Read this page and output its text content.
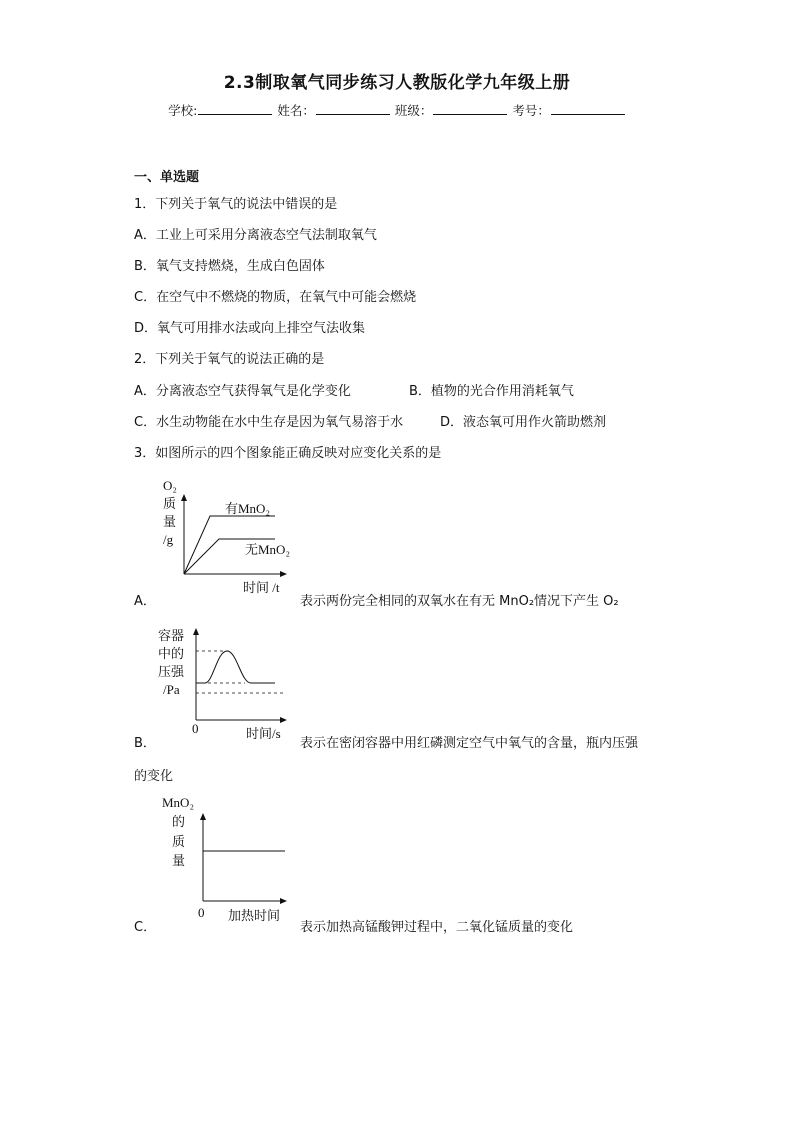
2.3制取氧气同步练习人教版化学九年级上册
学校:	姓名：	班级：	考号：
一、单选题
1．下列关于氧气的说法中错误的是
A．工业上可采用分离液态空气法制取氧气
B．氧气支持燃烧，生成白色固体
C．在空气中不燃烧的物质，在氧气中可能会燃烧
D．氧气可用排水法或向上排空气法收集
2．下列关于氧气的说法正确的是
A．分离液态空气获得氧气是化学变化	B．植物的光合作用消耗氧气
C．水生动物能在水中生存是因为氧气易溶于水	D．液态氧可用作火箭助燃剂
3．如图所示的四个图象能正确反映对应变化关系的是
O₂
质
量
/g
有MnO₂
无MnO₂
时间 /t
A．	表示两份完全相同的双氧水在有无 MnO₂情况下产生 O₂
容器
中的
压强
/Pa
0	时间/s
B．	表示在密闭容器中用红磷测定空气中氧气的含量，瓶内压强
的变化
MnO₂
的
质
量
0 加热时间
C．	表示加热高锰酸钾过程中，二氧化锰质量的变化
